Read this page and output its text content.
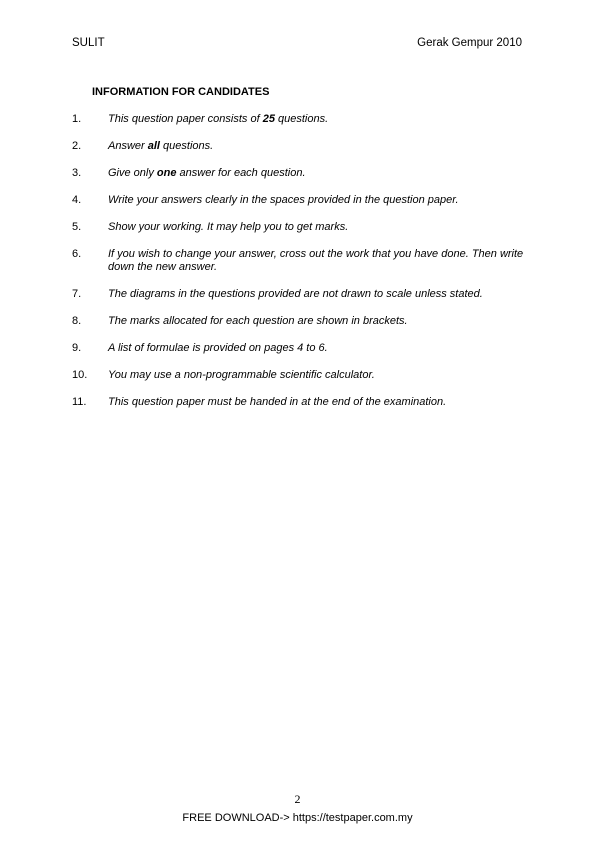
SULIT	Gerak Gempur 2010
INFORMATION FOR CANDIDATES
1.	This question paper consists of 25 questions.
2.	Answer all questions.
3.	Give only one answer for each question.
4.	Write your answers clearly in the spaces provided in the question paper.
5.	Show your working. It may help you to get marks.
6.	If you wish to change your answer, cross out the work that you have done. Then write down the new answer.
7.	The diagrams in the questions provided are not drawn to scale unless stated.
8.	The marks allocated for each question are shown in brackets.
9.	A list of formulae is provided on pages 4 to 6.
10.	You may use a non-programmable scientific calculator.
11.	This question paper must be handed in at the end of the examination.
2
FREE DOWNLOAD-> https://testpaper.com.my
